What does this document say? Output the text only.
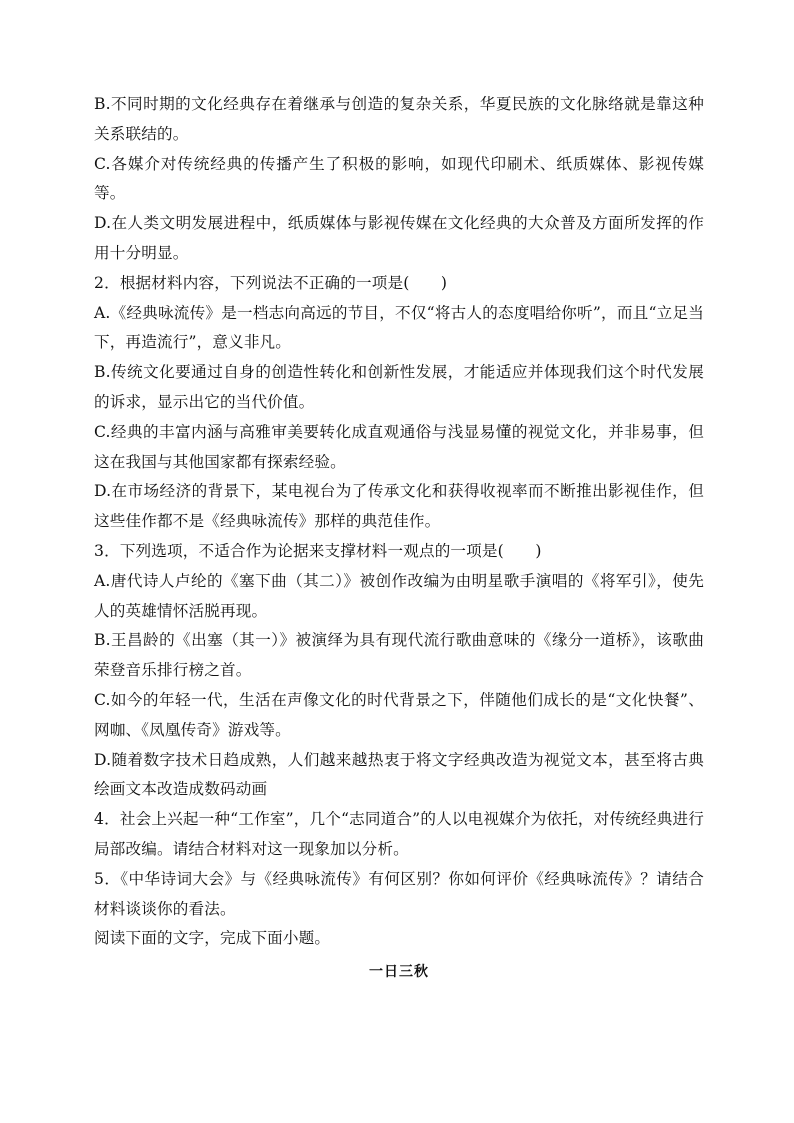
B.不同时期的文化经典存在着继承与创造的复杂关系，华夏民族的文化脉络就是靠这种关系联结的。

C.各媒介对传统经典的传播产生了积极的影响，如现代印刷术、纸质媒体、影视传媒等。

D.在人类文明发展进程中，纸质媒体与影视传媒在文化经典的大众普及方面所发挥的作用十分明显。

2．根据材料内容，下列说法不正确的一项是(　　)

A.《经典咏流传》是一档志向高远的节目，不仅“将古人的态度唱给你听”，而且“立足当下，再造流行”，意义非凡。

B.传统文化要通过自身的创造性转化和创新性发展，才能适应并体现我们这个时代发展的诉求，显示出它的当代价值。

C.经典的丰富内涵与高雅审美要转化成直观通俗与浅显易懂的视觉文化，并非易事，但这在我国与其他国家都有探索经验。

D.在市场经济的背景下，某电视台为了传承文化和获得收视率而不断推出影视佳作，但这些佳作都不是《经典咏流传》那样的典范佳作。

3．下列选项，不适合作为论据来支撑材料一观点的一项是(　　)

A.唐代诗人卢纶的《塞下曲（其二）》被创作改编为由明星歌手演唱的《将军引》，使先人的英雄情怀活脱再现。

B.王昌龄的《出塞（其一）》被演绎为具有现代流行歌曲意味的《缘分一道桥》，该歌曲荣登音乐排行榜之首。

C.如今的年轻一代，生活在声像文化的时代背景之下，伴随他们成长的是“文化快餐”、网咖、《凤凰传奇》游戏等。

D.随着数字技术日趋成熟，人们越来越热衷于将文字经典改造为视觉文本，甚至将古典绘画文本改造成数码动画

4．社会上兴起一种“工作室”，几个“志同道合”的人以电视媒介为依托，对传统经典进行局部改编。请结合材料对这一现象加以分析。

5．《中华诗词大会》与《经典咏流传》有何区别？你如何评价《经典咏流传》？请结合材料谈谈你的看法。

阅读下面的文字，完成下面小题。

一日三秋
